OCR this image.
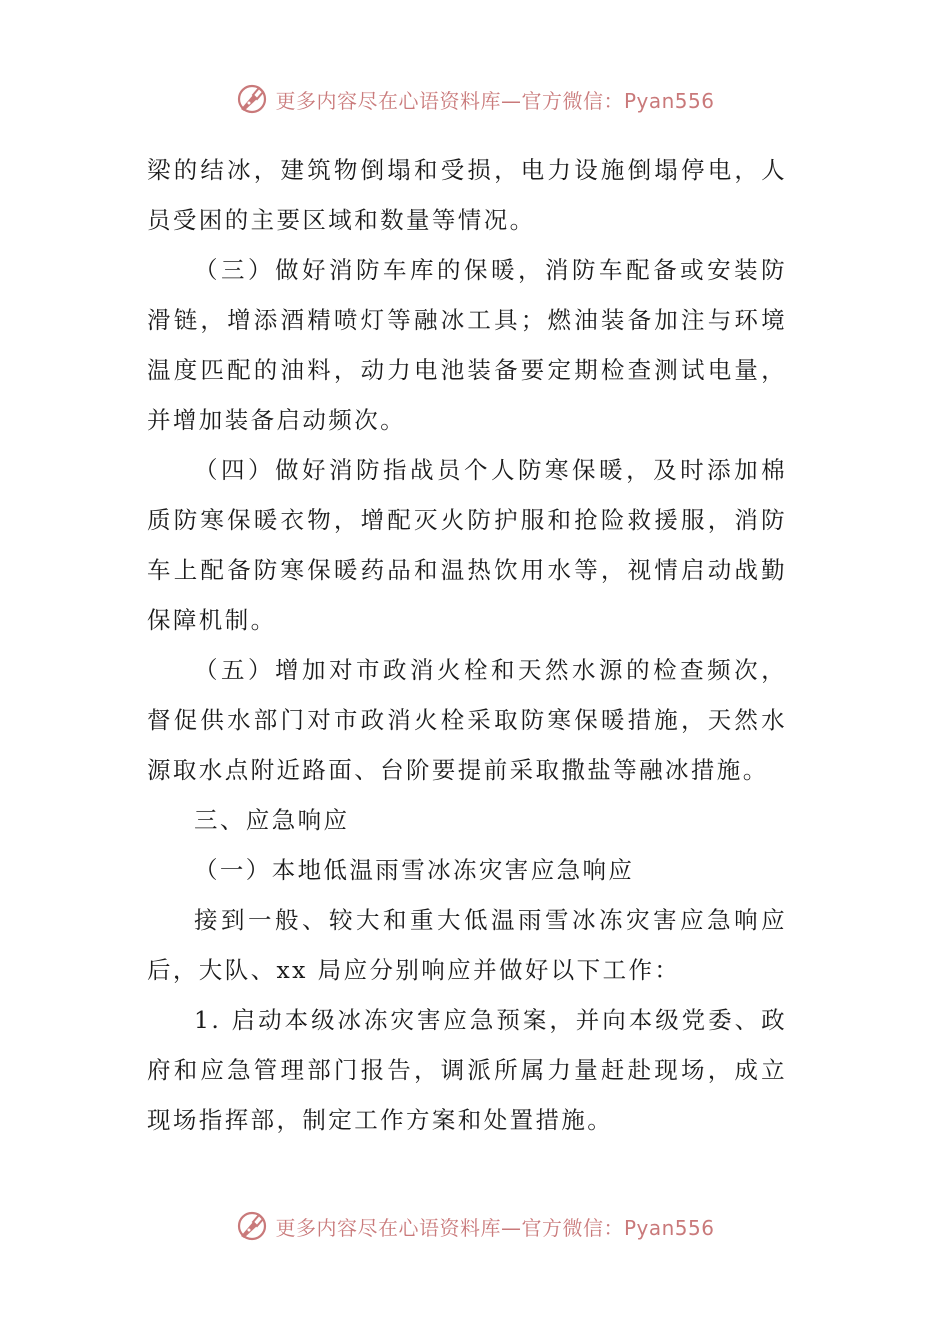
更多内容尽在心语资料库—官方微信：Pyan556

梁的结冰，建筑物倒塌和受损，电力设施倒塌停电，人员受困的主要区域和数量等情况。

（三）做好消防车库的保暖，消防车配备或安装防滑链，增添酒精喷灯等融冰工具；燃油装备加注与环境温度匹配的油料，动力电池装备要定期检查测试电量，并增加装备启动频次。

（四）做好消防指战员个人防寒保暖，及时添加棉质防寒保暖衣物，增配灭火防护服和抢险救援服，消防车上配备防寒保暖药品和温热饮用水等，视情启动战勤保障机制。

（五）增加对市政消火栓和天然水源的检查频次，督促供水部门对市政消火栓采取防寒保暖措施，天然水源取水点附近路面、台阶要提前采取撒盐等融冰措施。

三、应急响应

（一）本地低温雨雪冰冻灾害应急响应

接到一般、较大和重大低温雨雪冰冻灾害应急响应后，大队、xx 局应分别响应并做好以下工作：

1. 启动本级冰冻灾害应急预案，并向本级党委、政府和应急管理部门报告，调派所属力量赶赴现场，成立现场指挥部，制定工作方案和处置措施。

更多内容尽在心语资料库—官方微信：Pyan556
